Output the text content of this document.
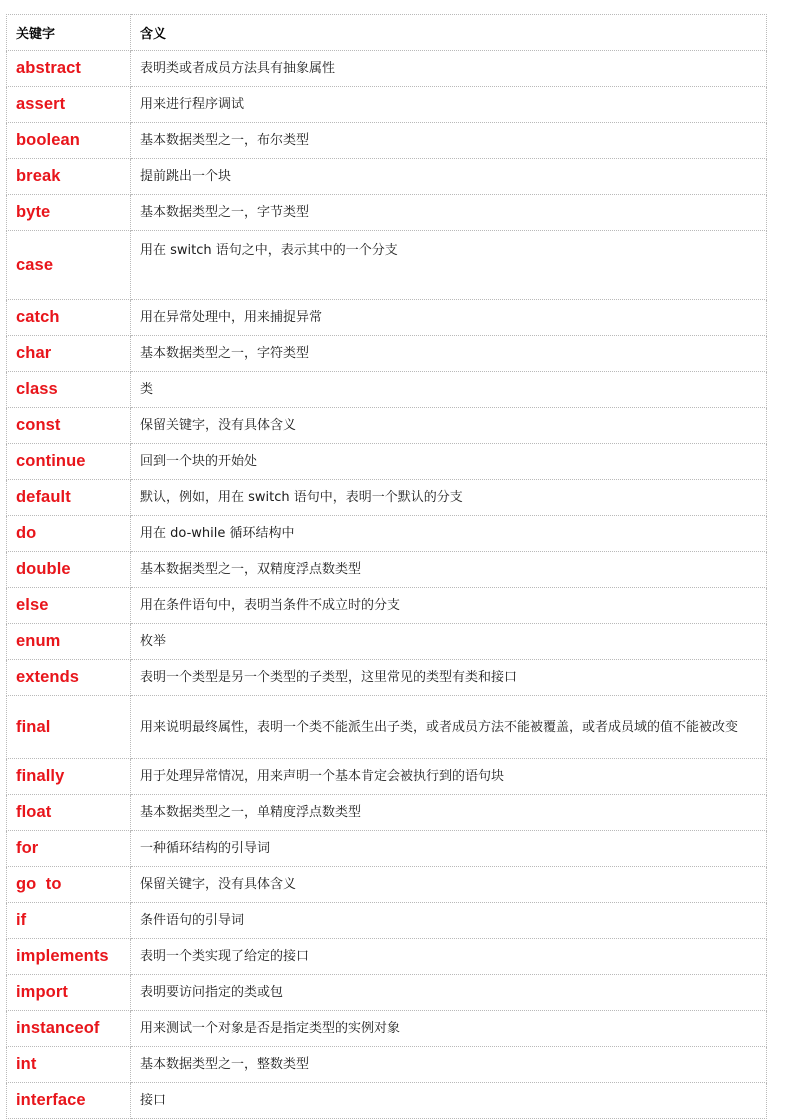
关键字	含义
abstract	表明类或者成员方法具有抽象属性
assert	用来进行程序调试
boolean	基本数据类型之一，布尔类型
break	提前跳出一个块
byte	基本数据类型之一，字节类型
case	用在 switch 语句之中，表示其中的一个分支
catch	用在异常处理中，用来捕捉异常
char	基本数据类型之一，字符类型
class	类
const	保留关键字，没有具体含义
continue	回到一个块的开始处
default	默认，例如，用在 switch 语句中，表明一个默认的分支
do	用在 do-while 循环结构中
double	基本数据类型之一，双精度浮点数类型
else	用在条件语句中，表明当条件不成立时的分支
enum	枚举
extends	表明一个类型是另一个类型的子类型，这里常见的类型有类和接口
final	用来说明最终属性，表明一个类不能派生出子类，或者成员方法不能被覆盖，或者成员域的值不能被改变
finally	用于处理异常情况，用来声明一个基本肯定会被执行到的语句块
float	基本数据类型之一，单精度浮点数类型
for	一种循环结构的引导词
go  to	保留关键字，没有具体含义
if	条件语句的引导词
implements	表明一个类实现了给定的接口
import	表明要访问指定的类或包
instanceof	用来测试一个对象是否是指定类型的实例对象
int	基本数据类型之一，整数类型
interface	接口
